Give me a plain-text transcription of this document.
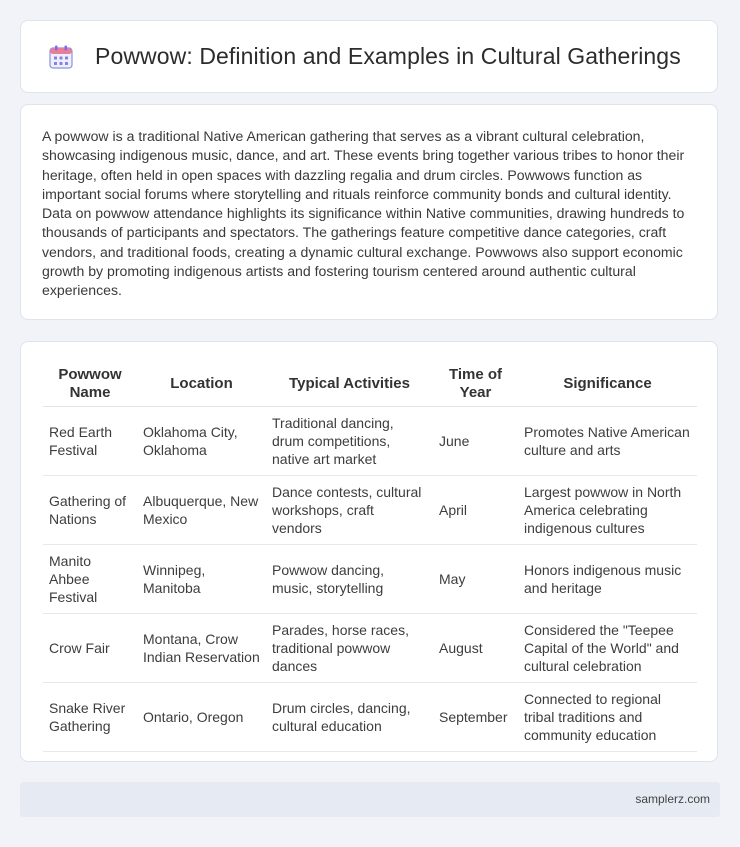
Powwow: Definition and Examples in Cultural Gatherings

A powwow is a traditional Native American gathering that serves as a vibrant cultural celebration, showcasing indigenous music, dance, and art. These events bring together various tribes to honor their heritage, often held in open spaces with dazzling regalia and drum circles. Powwows function as important social forums where storytelling and rituals reinforce community bonds and cultural identity. Data on powwow attendance highlights its significance within Native communities, drawing hundreds to thousands of participants and spectators. The gatherings feature competitive dance categories, craft vendors, and traditional foods, creating a dynamic cultural exchange. Powwows also support economic growth by promoting indigenous artists and fostering tourism centered around authentic cultural experiences.

Powwow Name	Location	Typical Activities	Time of Year	Significance
Red Earth Festival	Oklahoma City, Oklahoma	Traditional dancing, drum competitions, native art market	June	Promotes Native American culture and arts
Gathering of Nations	Albuquerque, New Mexico	Dance contests, cultural workshops, craft vendors	April	Largest powwow in North America celebrating indigenous cultures
Manito Ahbee Festival	Winnipeg, Manitoba	Powwow dancing, music, storytelling	May	Honors indigenous music and heritage
Crow Fair	Montana, Crow Indian Reservation	Parades, horse races, traditional powwow dances	August	Considered the "Teepee Capital of the World" and cultural celebration
Snake River Gathering	Ontario, Oregon	Drum circles, dancing, cultural education	September	Connected to regional tribal traditions and community education
samplerz.com
